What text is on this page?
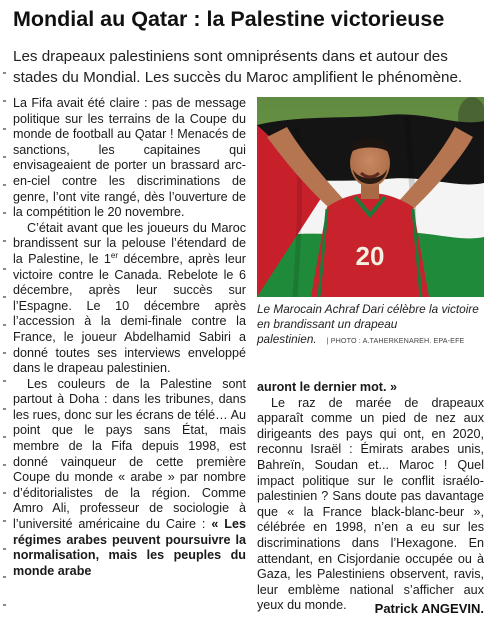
Mondial au Qatar : la Palestine victorieuse
Les drapeaux palestiniens sont omniprésents dans et autour des stades du Mondial. Les succès du Maroc amplifient le phénomène.

La Fifa avait été claire : pas de message politique sur les terrains de la Coupe du monde de football au Qatar ! Menacés de sanctions, les capitaines qui envisageaient de porter un brassard arc-en-ciel contre les discriminations de genre, l’ont vite rangé, dès l’ouverture de la compétition le 20 novembre.

C’était avant que les joueurs du Maroc brandissent sur la pelouse l’étendard de la Palestine, le 1er décembre, après leur victoire contre le Canada. Rebelote le 6 décembre, après leur succès sur l’Espagne. Le 10 décembre après l’accession à la demi-finale contre la France, le joueur Abdelhamid Sabiri a donné toutes ses interviews enveloppé dans le drapeau palestinien.

Les couleurs de la Palestine sont partout à Doha : dans les tribunes, dans les rues, donc sur les écrans de télé… Au point que le pays sans État, mais membre de la Fifa depuis 1998, est donné vainqueur de cette première Coupe du monde « arabe » par nombre d’éditorialistes de la région. Comme Amro Ali, professeur de sociologie à l’université américaine du Caire : « Les régimes arabes peuvent poursuivre la normalisation, mais les peuples du monde arabe

20
Le Marocain Achraf Dari célèbre la victoire en brandissant un drapeau palestinien. | PHOTO : A.TAHERKENAREH. EPA-EFE

auront le dernier mot. »

Le raz de marée de drapeaux apparaît comme un pied de nez aux dirigeants des pays qui ont, en 2020, reconnu Israël : Émirats arabes unis, Bahreïn, Soudan et... Maroc ! Quel impact politique sur le conflit israélo-palestinien ? Sans doute pas davantage que « la France black-blanc-beur », célébrée en 1998, n’en a eu sur les discriminations dans l’Hexagone. En attendant, en Cisjordanie occupée ou à Gaza, les Palestiniens observent, ravis, leur emblème national s’afficher aux yeux du monde.	Patrick ANGEVIN.
